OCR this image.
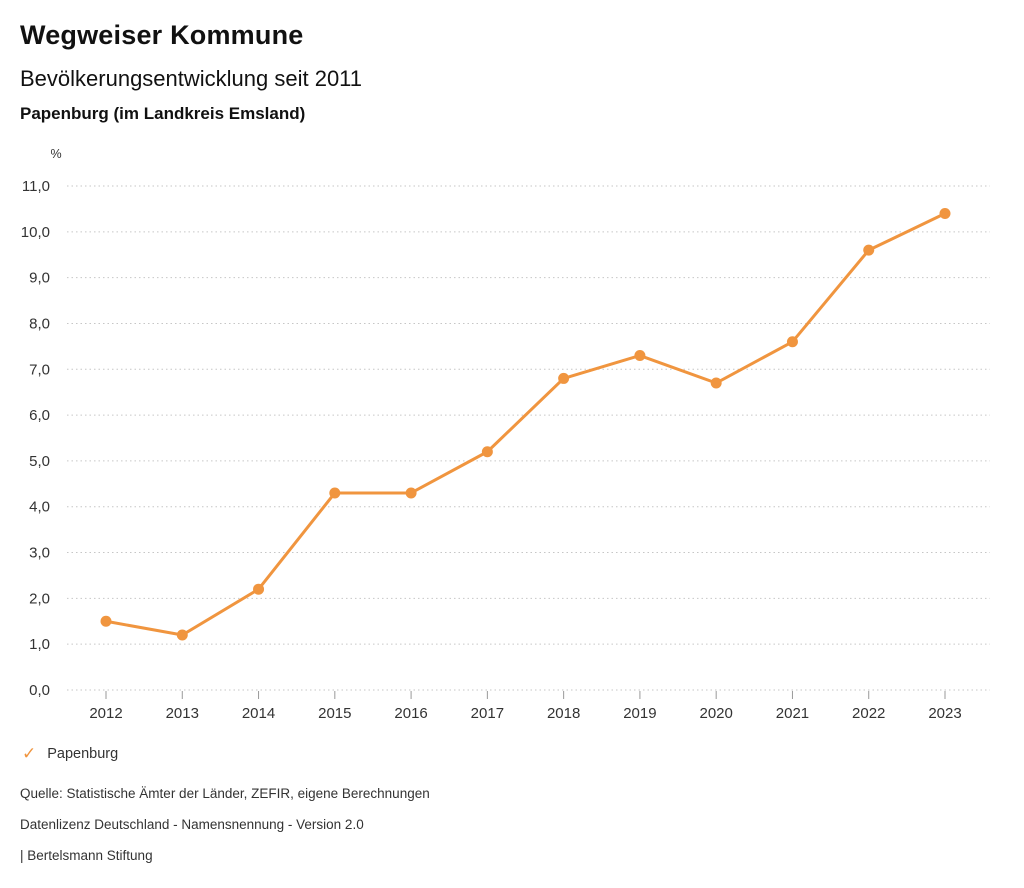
Wegweiser Kommune
Bevölkerungsentwicklung seit 2011
Papenburg (im Landkreis Emsland)
%
0,0
1,0
2,0
3,0
4,0
5,0
6,0
7,0
8,0
9,0
10,0
11,0
2012	2013	2014	2015	2016	2017	2018	2019	2020	2021	2022	2023
✓ Papenburg

Quelle: Statistische Ämter der Länder, ZEFIR, eigene Berechnungen

Datenlizenz Deutschland - Namensnennung - Version 2.0

| Bertelsmann Stiftung
